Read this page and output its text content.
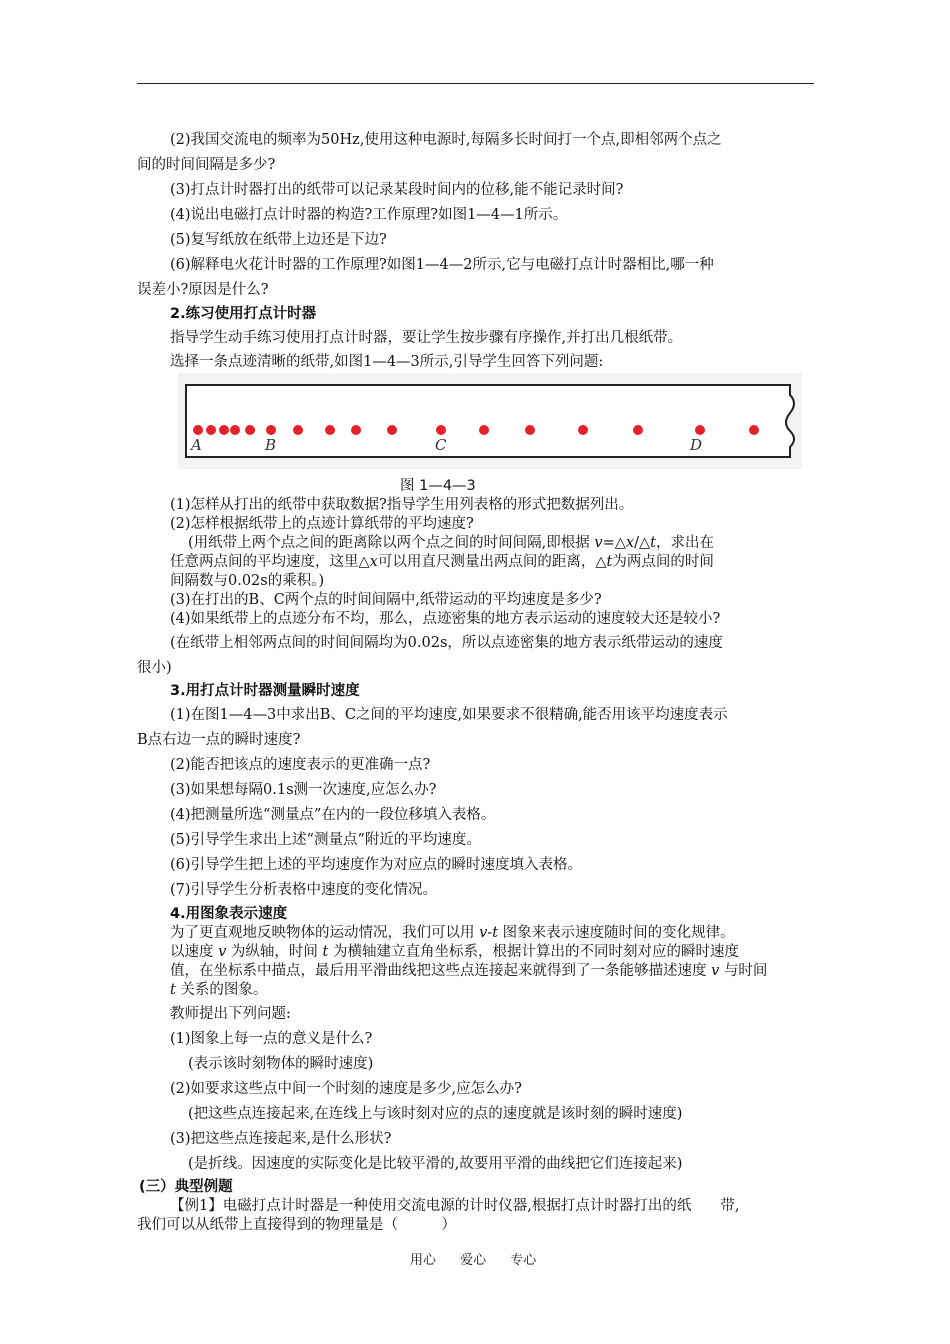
(2)我国交流电的频率为50Hz,使用这种电源时,每隔多长时间打一个点,即相邻两个点之
间的时间间隔是多少?
(3)打点计时器打出的纸带可以记录某段时间内的位移,能不能记录时间?
(4)说出电磁打点计时器的构造?工作原理?如图1—4—1所示。
(5)复写纸放在纸带上边还是下边?
(6)解释电火花计时器的工作原理?如图1—4—2所示,它与电磁打点计时器相比,哪一种
误差小?原因是什么?
2.练习使用打点计时器
指导学生动手练习使用打点计时器，要让学生按步骤有序操作,并打出几根纸带。
选择一条点迹清晰的纸带,如图1—4—3所示,引导学生回答下列问题:
A	B	C	D
图 1—4—3
(1)怎样从打出的纸带中获取数据?指导学生用列表格的形式把数据列出。
(2)怎样根据纸带上的点迹计算纸带的平均速度?
(用纸带上两个点之间的距离除以两个点之间的时间间隔,即根据 v=△x/△t，求出在
任意两点间的平均速度，这里△x可以用直尺测量出两点间的距离，△t为两点间的时间
间隔数与0.02s的乘积。)
(3)在打出的B、C两个点的时间间隔中,纸带运动的平均速度是多少?
(4)如果纸带上的点迹分布不均，那么，点迹密集的地方表示运动的速度较大还是较小?
(在纸带上相邻两点间的时间间隔均为0.02s，所以点迹密集的地方表示纸带运动的速度
很小)
3.用打点计时器测量瞬时速度
(1)在图1—4—3中求出B、C之间的平均速度,如果要求不很精确,能否用该平均速度表示
B点右边一点的瞬时速度?
(2)能否把该点的速度表示的更准确一点?
(3)如果想每隔0.1s测一次速度,应怎么办?
(4)把测量所选“测量点”在内的一段位移填入表格。
(5)引导学生求出上述“测量点”附近的平均速度。
(6)引导学生把上述的平均速度作为对应点的瞬时速度填入表格。
(7)引导学生分析表格中速度的变化情况。
4.用图象表示速度
为了更直观地反映物体的运动情况，我们可以用 v-t 图象来表示速度随时间的变化规律。
以速度 v 为纵轴，时间 t 为横轴建立直角坐标系，根据计算出的不同时刻对应的瞬时速度
值，在坐标系中描点，最后用平滑曲线把这些点连接起来就得到了一条能够描述速度 v 与时间
t 关系的图象。
教师提出下列问题:
(1)图象上每一点的意义是什么?
(表示该时刻物体的瞬时速度)
(2)如要求这些点中间一个时刻的速度是多少,应怎么办?
(把这些点连接起来,在连线上与该时刻对应的点的速度就是该时刻的瞬时速度)
(3)把这些点连接起来,是什么形状?
(是折线。因速度的实际变化是比较平滑的,故要用平滑的曲线把它们连接起来)
(三）典型例题
【例1】电磁打点计时器是一种使用交流电源的计时仪器,根据打点计时器打出的纸　　带,
我们可以从纸带上直接得到的物理量是（　　　）
用心 爱心 专心
